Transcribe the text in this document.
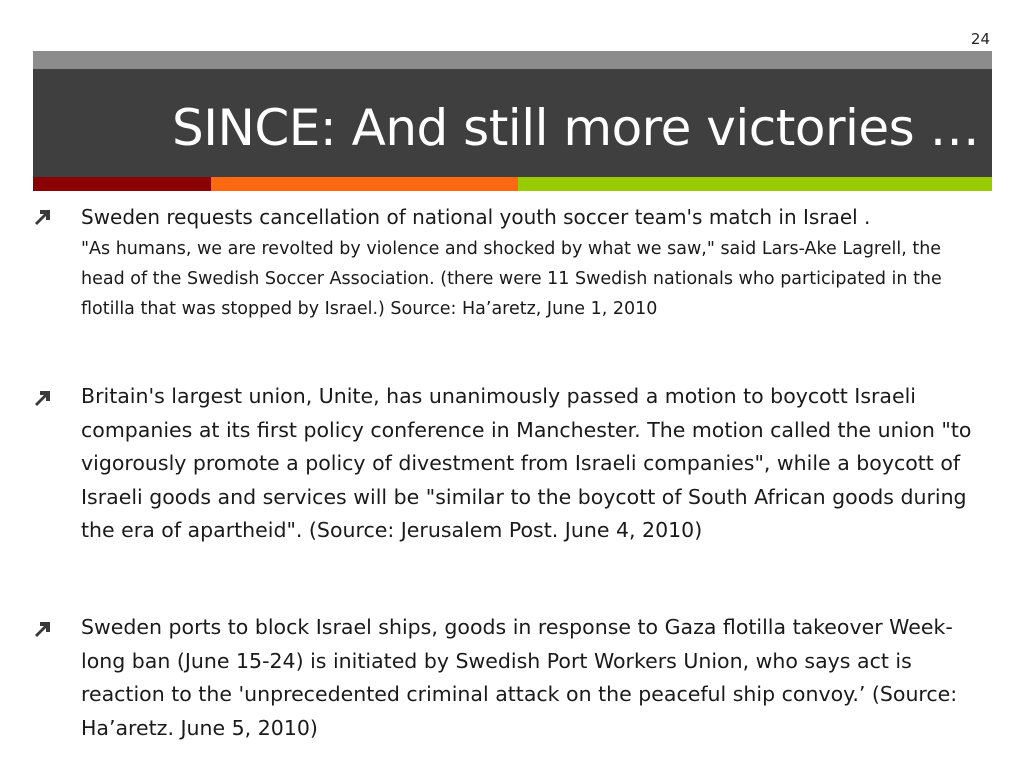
24
SINCE: And still more victories …
Sweden requests cancellation of national youth soccer team's match in Israel .
"As humans, we are revolted by violence and shocked by what we saw," said Lars-Ake Lagrell, the head of the Swedish Soccer Association. (there were 11 Swedish nationals who participated in the flotilla that was stopped by Israel.) Source: Ha’aretz, June 1, 2010
Britain's largest union, Unite, has unanimously passed a motion to boycott Israeli companies at its first policy conference in Manchester. The motion called the union "to vigorously promote a policy of divestment from Israeli companies", while a boycott of Israeli goods and services will be "similar to the boycott of South African goods during the era of apartheid". (Source: Jerusalem Post. June 4, 2010)
Sweden ports to block Israel ships, goods in response to Gaza flotilla takeover Week-long ban (June 15-24) is initiated by Swedish Port Workers Union, who says act is reaction to the 'unprecedented criminal attack on the peaceful ship convoy.’ (Source: Ha’aretz. June 5, 2010)
